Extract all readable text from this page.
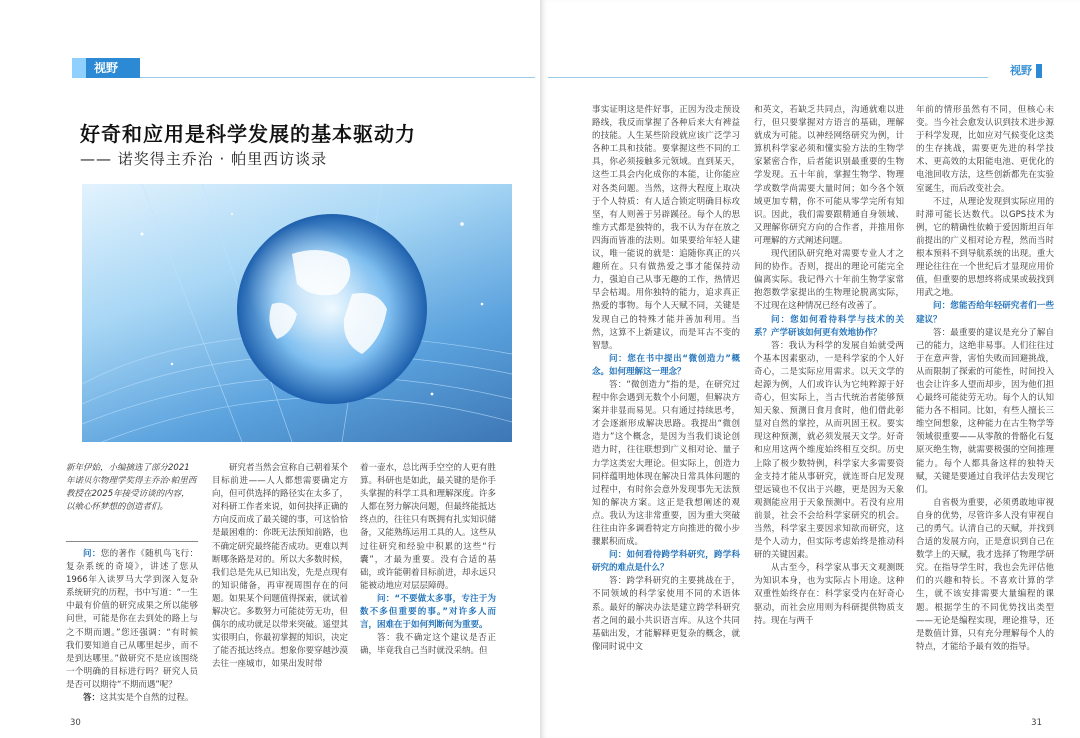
视野
好奇和应用是科学发展的基本驱动力
—— 诺奖得主乔治 · 帕里西访谈录
新年伊始，小编摘选了部分2021年诺贝尔物理学奖得主乔治·帕里西教授在2025年接受访谈的内容，以飨心怀梦想的创造者们。

问：您的著作《随机鸟飞行：复杂系统的奇境》，讲述了您从1966年入读罗马大学到深入复杂系统研究的历程，书中写道：“一生中最有价值的研究成果之所以能够问世，可能是你在去到处的路上与之不期而遇。”您还强调：“有时候我们要知道自己从哪里起步，而不是到达哪里。”做研究不是应该围绕一个明确的目标进行吗？研究人员是否可以期待“不期而遇”呢？

答：这其实是个自然的过程。

研究者当然会宣称自己朝着某个目标前进——人人都想需要确定方向，但可供选择的路径实在太多了，对科研工作者来说，如何抉择正确的方向反而成了最关键的事，可这恰恰是最困难的：你既无法预知前路，也不确定研究最终能否成功。更难以判断哪条路是对的。所以大多数时候，我们总是先从已知出发，先是点现有的知识储备，再审视周围存在的问题。如果某个问题值得探索，就试着解决它。多数努力可能徒劳无功，但偶尔的成功就足以带来突破。遥望其实很明白，你最初掌握的知识，决定了能否抵达终点。想象你要穿越沙漠去往一座城市，如果出发时带

着一壶水，总比两手空空的人更有胜算。科研也是如此，最关键的是你手头掌握的科学工具和理解深度。许多人都在努力解决问题，但最终能抵达终点的，往往只有既拥有扎实知识储备，又能熟练运用工具的人。这些从过往研究和经验中积累的这些“行囊”，才最为重要。没有合适的基础，或许能朝着目标前进，却永远只能被动地应对层层障碍。

问：“不要做太多事，专注于为数不多但重要的事。”对许多人而言，困难在于如何判断何为重要。

答：我不确定这个建议是否正确，毕竟我自己当时就没采纳。但

30
视野

事实证明这是件好事，正因为没走预设路线，我反而掌握了各种后来大有裨益的技能。人生某些阶段就应该广泛学习各种工具和技能。要掌握这些不同的工具，你必须接触多元领域。直到某天，这些工具会内化成你的本能，让你能应对各类问题。当然，这得大程度上取决于个人特质：有人适合锁定明确目标攻坚，有人则善于另辟蹊径。每个人的思维方式都是独特的，我不认为存在放之四海而皆准的法则。如果要给年轻人建议，唯一能说的就是：追随你真正的兴趣所在。只有做热爱之事才能保持动力，强迫自己从事无趣的工作，热情迟早会枯竭。用你独特的能力，追求真正热爱的事物。每个人天赋不同，关键是发现自己的特殊才能并善加利用。当然，这算不上新建议，而是耳古不变的智慧。

问：您在书中提出“微创造力”概念。如何理解这一理念？

答：“微创造力”指的是，在研究过程中你会遇到无数个小问题，但解决方案并非显而易见。只有通过持续思考，才会逐渐形成解决思路。我提出“微创造力”这个概念，是因为当我们谈论创造力时，往往联想到广义相对论、量子力学这类宏大理论。但实际上，创造力同样蕴明地体现在解决日常具体问题的过程中，有时你会意外发现事先无法预知的解决方案。这正是我想阐述的观点。我认为这非常重要，因为重大突破往往由许多调看特定方向推进的微小步骤累积而成。

问：如何看待跨学科研究，跨学科研究的难点是什么？

答：跨学科研究的主要挑战在于，不同领域的科学家使用不同的术语体系。最好的解决办法是建立跨学科研究者之间的最小共识语言库。从这个共同基础出发，才能解释更复杂的概念，就像同时说中文

和英文，若缺乏共同点，沟通就难以进行，但只要掌握对方语言的基础，理解就成为可能。以神经网络研究为例，计算机科学家必须和懂实验方法的生物学家紧密合作，后者能识别最重要的生物学发现。五十年前，掌握生物学、物理学或数学尚需要大量时间；如今各个领域更加专精，你不可能从零学完所有知识。因此，我们需要跟精通自身领域、又理解你研究方向的合作者，并推用你可理解的方式阐述问题。

现代团队研究绝对需要专业人才之间的协作。否则，提出的理论可能完全偏离实际。我记得六十年前生物学家常抱怨数学家提出的生物理论脱离实际，不过现在这种情况已经有改善了。

问：您如何看待科学与技术的关系？产学研该如何更有效地协作？

答：我认为科学的发展自始就受两个基本因素驱动，一是科学家的个人好奇心，二是实际应用需求。以天文学的起源为例，人们或许认为它纯粹源于好奇心，但实际上，当古代统治者能够预知天象、预测日食月食时，他们借此彰显对自然的掌控，从而巩固王权。要实现这种预测，就必须发展天文学。好奇和应用这两个维度始终相互交织。历史上除了极少数特例，科学家大多需要资金支持才能从事研究，就连哥白尼发现望远镜也不仅出于兴趣，更是因为天象观测能应用于天象预测中。若没有应用前景，社会不会给科学家研究的机会。当然，科学家主要因求知欲而研究，这是个人动力，但实际考虑始终是推动科研的关键因素。

从古至今，科学家从事天文观测既为知识本身，也为实际占卜用途。这种双重性始终存在：科学家受内在好奇心驱动，而社会应用则为科研提供物质支持。现在与两千

年前的情形虽然有不同，但核心未变。当今社会愈发认识到技术进步源于科学发现，比如应对气候变化这类的生存挑战，需要更先进的科学技术、更高效的太阳能电池、更优化的电池回收方法，这些创新都先在实验室诞生，而后改变社会。

不过，从理论发现到实际应用的时滞可能长达数代。以GPS技术为例，它的精确性依赖于爱因斯坦百年前提出的广义相对论方程，然而当时根本预料不到导航系统的出现。重大理论往往在一个世纪后才显现应用价值，但重要的思想终将成果或载找到用武之地。

问：您能否给年轻研究者们一些建议？

答：最重要的建议是充分了解自己的能力，这绝非易事。人们往往过于在意声誉，害怕失败而回避挑战，从而限制了探索的可能性，时间投入也会让许多人望而却步，因为他们担心最终可能徒劳无功。每个人的认知能力各不相同。比如，有些人擅长三维空间想象，这种能力在古生物学等领域很重要——从零散的骨骼化石复原灭绝生物，就需要极强的空间推理能力。每个人都具备这样的独特天赋，关键是要通过自我评估去发现它们。

自省极为重要，必须勇敢地审视自身的优势，尽管许多人没有审视自己的勇气。认清自己的天赋，并找到合适的发展方向，正是意识到自己在数学上的天赋，我才选择了物理学研究。在指导学生时，我也会先评估他们的兴趣和特长。不喜欢计算的学生，就不该安排需要大量编程的课题。根据学生的不同优势找出类型——无论是编程实现，理论推导，还是数值计算，只有充分理解每个人的特点，才能给予最有效的指导。

31
